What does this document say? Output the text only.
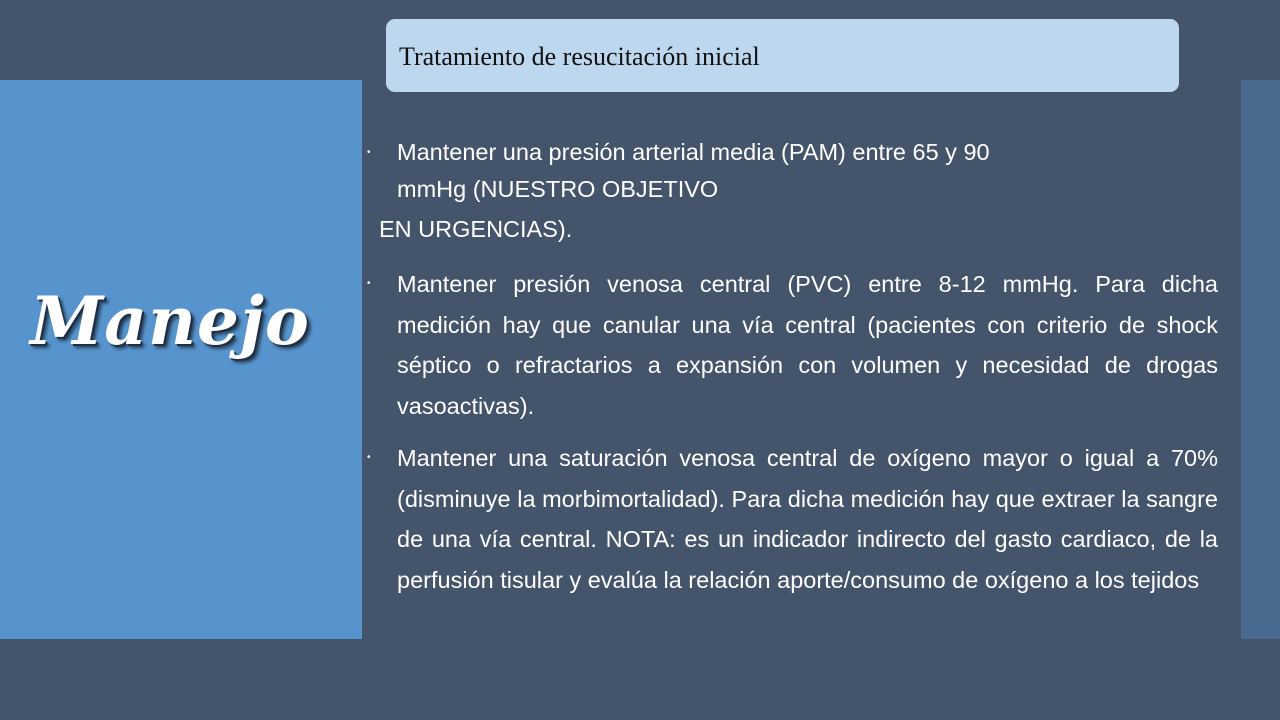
Manejo
Tratamiento de resucitación inicial
• Mantener una presión arterial media (PAM) entre 65 y 90
mmHg (NUESTRO OBJETIVO
EN URGENCIAS).
• Mantener presión venosa central (PVC) entre 8-12 mmHg. Para dicha medición hay que canular una vía central (pacientes con criterio de shock séptico o refractarios a expansión con volumen y necesidad de drogas vasoactivas).
• Mantener una saturación venosa central de oxígeno mayor o igual a 70% (disminuye la morbimortalidad). Para dicha medición hay que extraer la sangre de una vía central. NOTA: es un indicador indirecto del gasto cardiaco, de la perfusión tisular y evalúa la relación aporte/consumo de oxígeno a los tejidos
